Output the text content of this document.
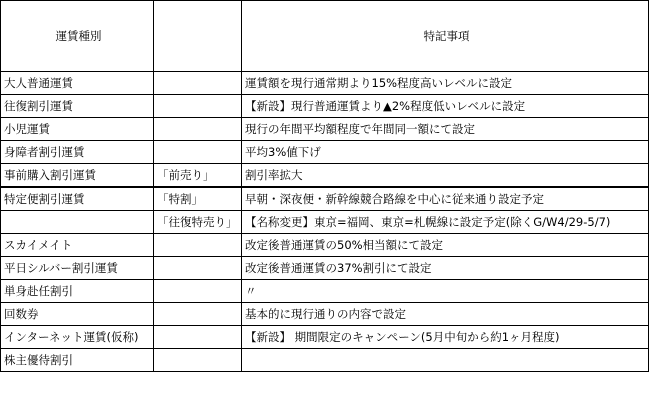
運賃種別		特記事項
大人普通運賃		運賃額を現行通常期より15%程度高いレベルに設定
往復割引運賃		【新設】現行普通運賃より▲2%程度低いレベルに設定
小児運賃		現行の年間平均額程度で年間同一額にて設定
身障者割引運賃		平均3%値下げ
事前購入割引運賃	「前売り」	割引率拡大
特定便割引運賃	「特割」	早朝・深夜便・新幹線競合路線を中心に従来通り設定予定
	「往復特売り」	【名称変更】東京=福岡、東京=札幌線に設定予定(除くG/W4/29-5/7)
スカイメイト		改定後普通運賃の50%相当額にて設定
平日シルバー割引運賃		改定後普通運賃の37%割引にて設定
単身赴任割引		〃
回数券		基本的に現行通りの内容で設定
インターネット運賃(仮称)		【新設】 期間限定のキャンペーン(5月中旬から約1ヶ月程度)
株主優待割引		
